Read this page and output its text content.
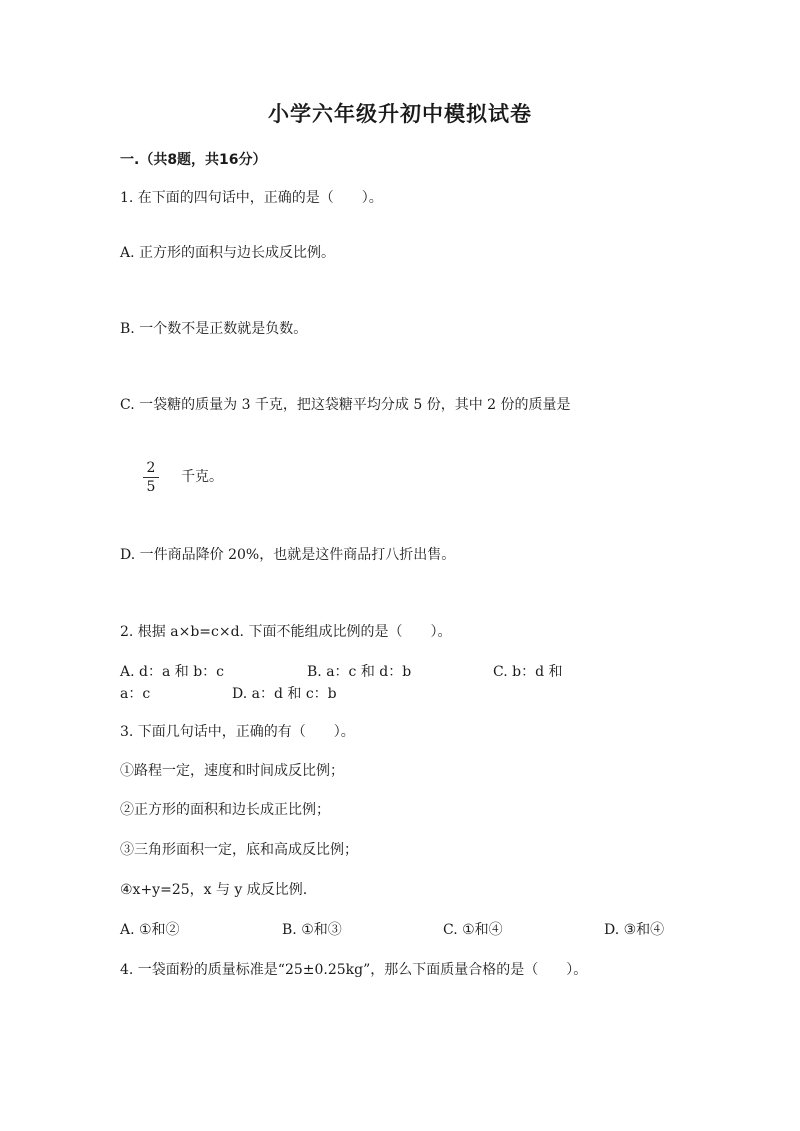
小学六年级升初中模拟试卷
一.（共8题，共16分）
1. 在下面的四句话中，正确的是（　　）。
A. 正方形的面积与边长成反比例。
B. 一个数不是正数就是负数。
C. 一袋糖的质量为 3 千克，把这袋糖平均分成 5 份，其中 2 份的质量是
2
5
千克。
D. 一件商品降价 20%，也就是这件商品打八折出售。
2. 根据 a×b=c×d. 下面不能组成比例的是（　　）。
A. d：a 和 b：c	B. a：c 和 d：b	C. b：d 和
a：c	D. a：d 和 c：b
3. 下面几句话中，正确的有（　　）。
①路程一定，速度和时间成反比例；
②正方形的面积和边长成正比例；
③三角形面积一定，底和高成反比例；
④x+y=25，x 与 y 成反比例.
A. ①和②	B. ①和③	C. ①和④	D. ③和④
4. 一袋面粉的质量标准是“25±0.25kg”，那么下面质量合格的是（　　）。
